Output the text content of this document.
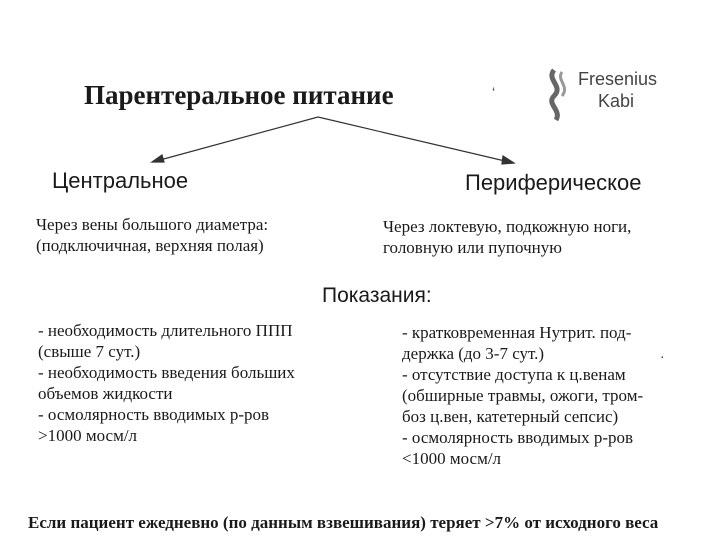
Парентеральное питание	‘
Fresenius
Kabi
Центральное	Периферическое
Через вены большого диаметра:
(подключичная, верхняя полая)
Через локтевую, подкожную ноги,
головную или пупочную
Показания:
- необходимость длительного ППП
(свыше 7 сут.)
- необходимость введения больших
объемов жидкости
- осмолярность вводимых р-ров
>1000 мосм/л
- кратковременная Нутрит. под-
держка (до 3-7 сут.)
- отсутствие доступа к ц.венам
(обширные травмы, ожоги, тром-
боз ц.вен, катетерный сепсис)
- осмолярность вводимых р-ров
<1000 мосм/л
·
Если пациент ежедневно (по данным взвешивания) теряет >7% от исходного веса
